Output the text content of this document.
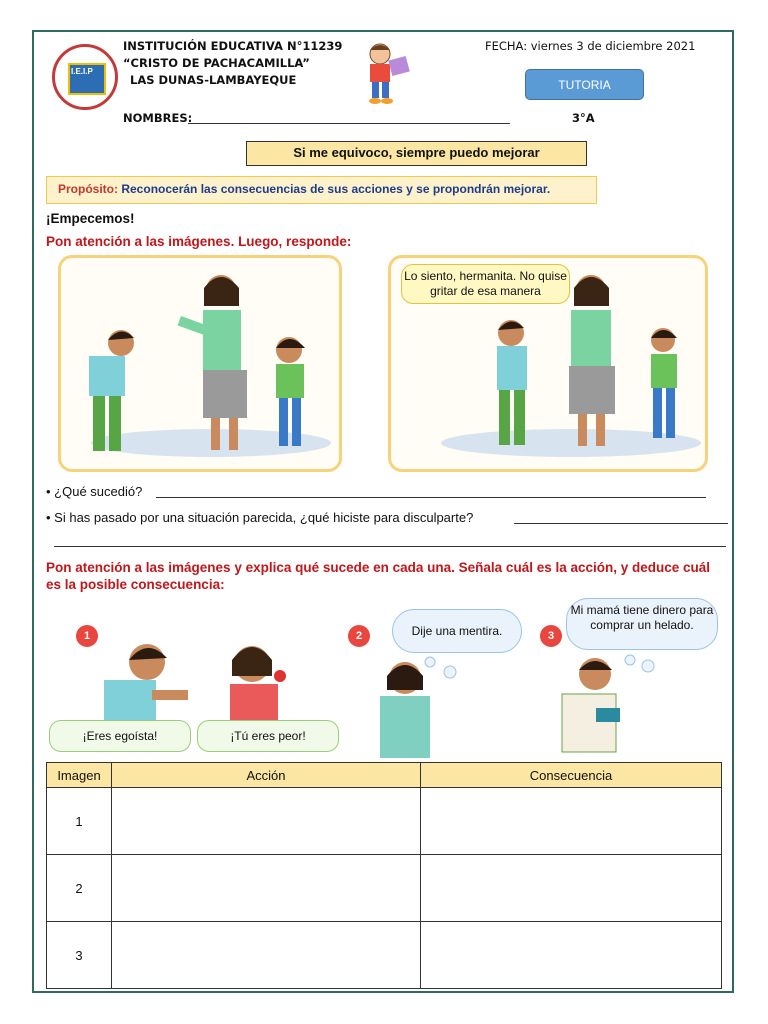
I.E.I.P
INSTITUCIÓN EDUCATIVA N°11239
“CRISTO DE PACHACAMILLA”
LAS DUNAS-LAMBAYEQUE
FECHA: viernes 3 de diciembre 2021
TUTORIA
NOMBRES:	3°A
Si me equivoco, siempre puedo mejorar
Propósito: Reconocerán las consecuencias de sus acciones y se propondrán mejorar.
¡Empecemos!
Pon atención a las imágenes. Luego, responde:
Lo siento, hermanita. No quise gritar de esa manera
• ¿Qué sucedió?
• Si has pasado por una situación parecida, ¿qué hiciste para disculparte?
Pon atención a las imágenes y explica qué sucede en cada una. Señala cuál es la acción, y deduce cuál es la posible consecuencia:
1
¡Eres egoísta!	¡Tú eres peor!
2	Dije una mentira.	3
Mi mamá tiene dinero para comprar un helado.
Imagen	Acción	Consecuencia
1		
2		
3		
